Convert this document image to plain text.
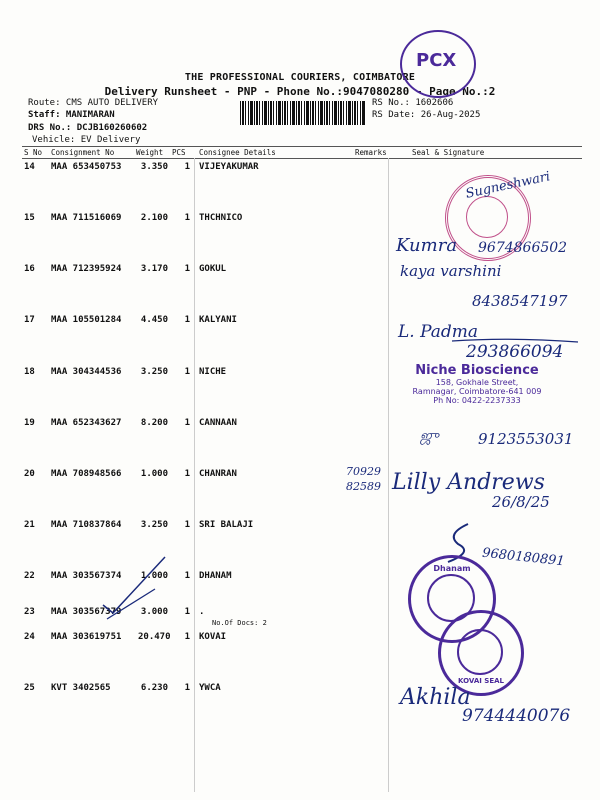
THE PROFESSIONAL COURIERS, COIMBATORE
Delivery Runsheet - PNP - Phone No.:9047080280 - Page No.:2
Route: CMS AUTO DELIVERY
Staff: MANIMARAN
DRS No.: DCJB160260602
Vehicle: EV Delivery
RS No.: 1602606
RS Date: 26-Aug-2025
S No Consignment No	Weight PCS Consignee Details	Remarks	Seal & Signature
14 MAA 653450753	3.350	1 VIJEYAKUMAR
15 MAA 711516069	2.100	1 THCHNICO
16 MAA 712395924	3.170	1 GOKUL
17 MAA 105501284	4.450	1 KALYANI
18 MAA 304344536	3.250	1 NICHE
19 MAA 652343627	8.200	1 CANNAAN
20 MAA 708948566	1.000	1 CHANRAN
21 MAA 710837864	3.250	1 SRI BALAJI
22 MAA 303567374	1.000	1 DHANAM
23 MAA 303567379	3.000	1 .
No.Of Docs: 2
24 MAA 303619751 20.470	1 KOVAI
25 KVT 3402565	6.230	1 YWCA
PCX
Sugneshwari
Kumra 9674866502
kaya varshini
8438547197
L. Padma
293866094
Niche Bioscience
158, Gokhale Street,
Ramnagar, Coimbatore-641 009
Ph No: 0422-2237333
ஜு	9123553031
70929
82589 Lilly Andrews
26/8/25
9680180891
Dhanam
KOVAI SEAL
Akhila
9744440076
